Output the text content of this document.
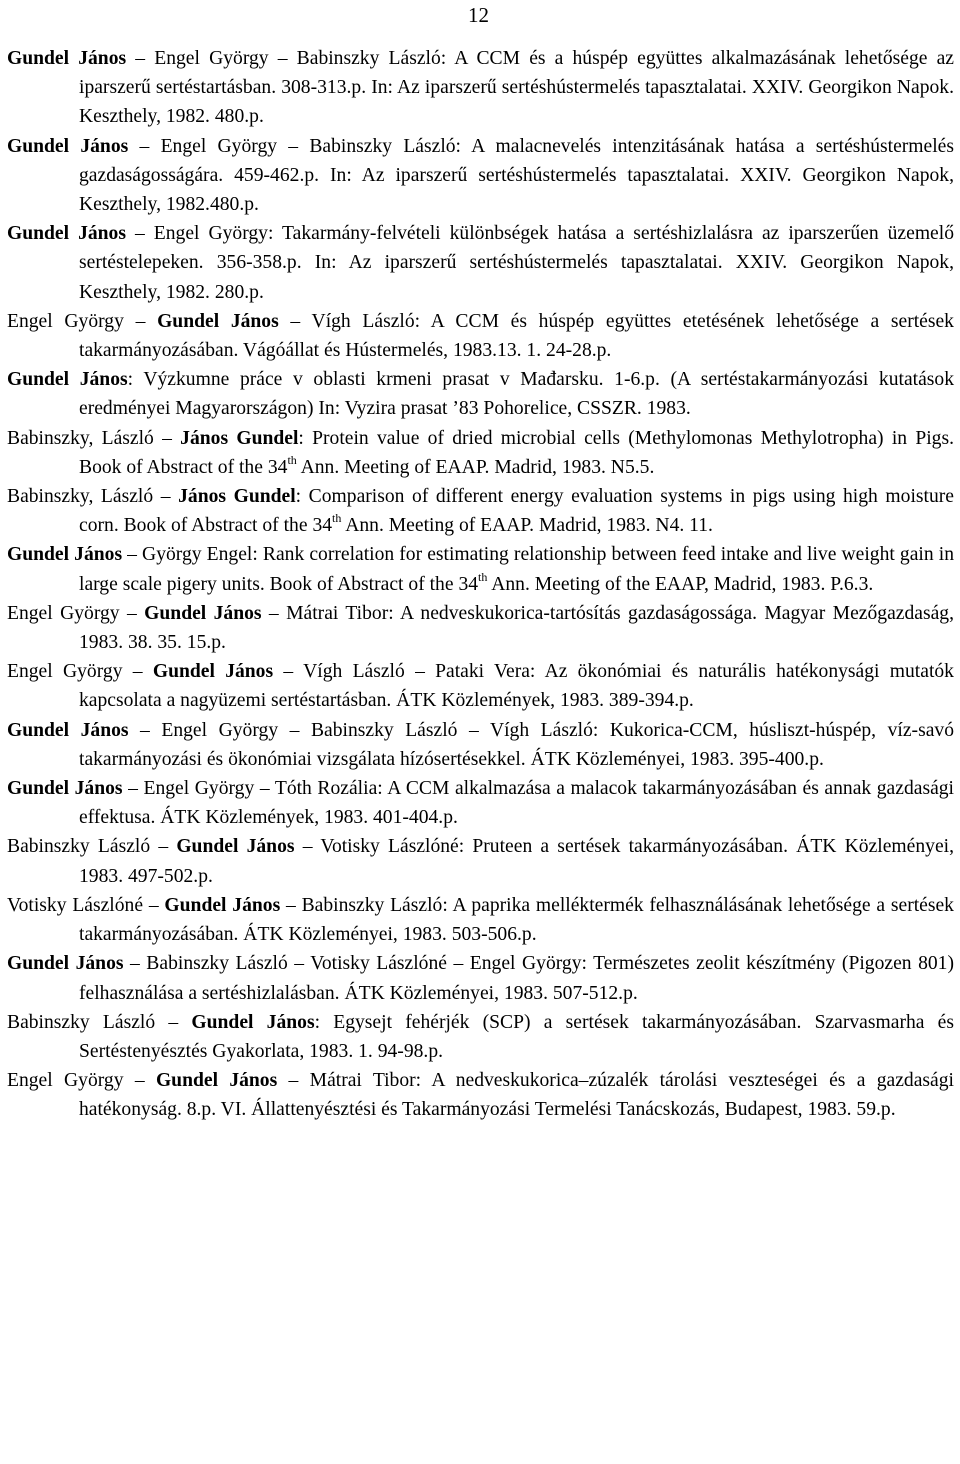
12

Gundel János – Engel György – Babinszky László: A CCM és a húspép együttes alkalmazásának lehetősége az iparszerű sertéstartásban. 308-313.p. In: Az iparszerű sertéshústermelés tapasztalatai. XXIV. Georgikon Napok. Keszthely, 1982. 480.p.

Gundel János – Engel György – Babinszky László: A malacnevelés intenzitásának hatása a sertéshústermelés gazdaságosságára. 459-462.p. In: Az iparszerű sertéshústermelés tapasztalatai. XXIV. Georgikon Napok, Keszthely, 1982.480.p.

Gundel János – Engel György: Takarmány-felvételi különbségek hatása a sertéshizlalásra az iparszerűen üzemelő sertéstelepeken. 356-358.p. In: Az iparszerű sertéshústermelés tapasztalatai. XXIV. Georgikon Napok, Keszthely, 1982. 280.p.

Engel György – Gundel János – Vígh László: A CCM és húspép együttes etetésének lehetősége a sertések takarmányozásában. Vágóállat és Hústermelés, 1983.13. 1. 24-28.p.

Gundel János: Výzkumne práce v oblasti krmeni prasat v Mađarsku. 1-6.p. (A sertéstakarmányozási kutatások eredményei Magyarországon) In: Vyzira prasat ’83 Pohorelice, CSSZR. 1983.

Babinszky, László – János Gundel: Protein value of dried microbial cells (Methylomonas Methylotropha) in Pigs. Book of Abstract of the 34th Ann. Meeting of EAAP. Madrid, 1983. N5.5.

Babinszky, László – János Gundel: Comparison of different energy evaluation systems in pigs using high moisture corn. Book of Abstract of the 34th Ann. Meeting of EAAP. Madrid, 1983. N4. 11.

Gundel János – György Engel: Rank correlation for estimating relationship between feed intake and live weight gain in large scale pigery units. Book of Abstract of the 34th Ann. Meeting of the EAAP, Madrid, 1983. P.6.3.

Engel György – Gundel János – Mátrai Tibor: A nedveskukorica-tartósítás gazdaságossága. Magyar Mezőgazdaság, 1983. 38. 35. 15.p.

Engel György – Gundel János – Vígh László – Pataki Vera: Az ökonómiai és naturális hatékonysági mutatók kapcsolata a nagyüzemi sertéstartásban. ÁTK Közlemények, 1983. 389-394.p.

Gundel János – Engel György – Babinszky László – Vígh László: Kukorica-CCM, húsliszt-húspép, víz-savó takarmányozási és ökonómiai vizsgálata hízósertésekkel. ÁTK Közleményei, 1983. 395-400.p.

Gundel János – Engel György – Tóth Rozália: A CCM alkalmazása a malacok takarmányozásában és annak gazdasági effektusa. ÁTK Közlemények, 1983. 401-404.p.

Babinszky László – Gundel János – Votisky Lászlóné: Pruteen a sertések takarmányozásában. ÁTK Közleményei, 1983. 497-502.p.

Votisky Lászlóné – Gundel János – Babinszky László: A paprika melléktermék felhasználásának lehetősége a sertések takarmányozásában. ÁTK Közleményei, 1983. 503-506.p.

Gundel János – Babinszky László – Votisky Lászlóné – Engel György: Természetes zeolit készítmény (Pigozen 801) felhasználása a sertéshizlalásban. ÁTK Közleményei, 1983. 507-512.p.

Babinszky László – Gundel János: Egysejt fehérjék (SCP) a sertések takarmányozásában. Szarvasmarha és Sertéstenyésztés Gyakorlata, 1983. 1. 94-98.p.

Engel György – Gundel János – Mátrai Tibor: A nedveskukorica–zúzalék tárolási veszteségei és a gazdasági hatékonyság. 8.p. VI. Állattenyésztési és Takarmányozási Termelési Tanácskozás, Budapest, 1983. 59.p.
